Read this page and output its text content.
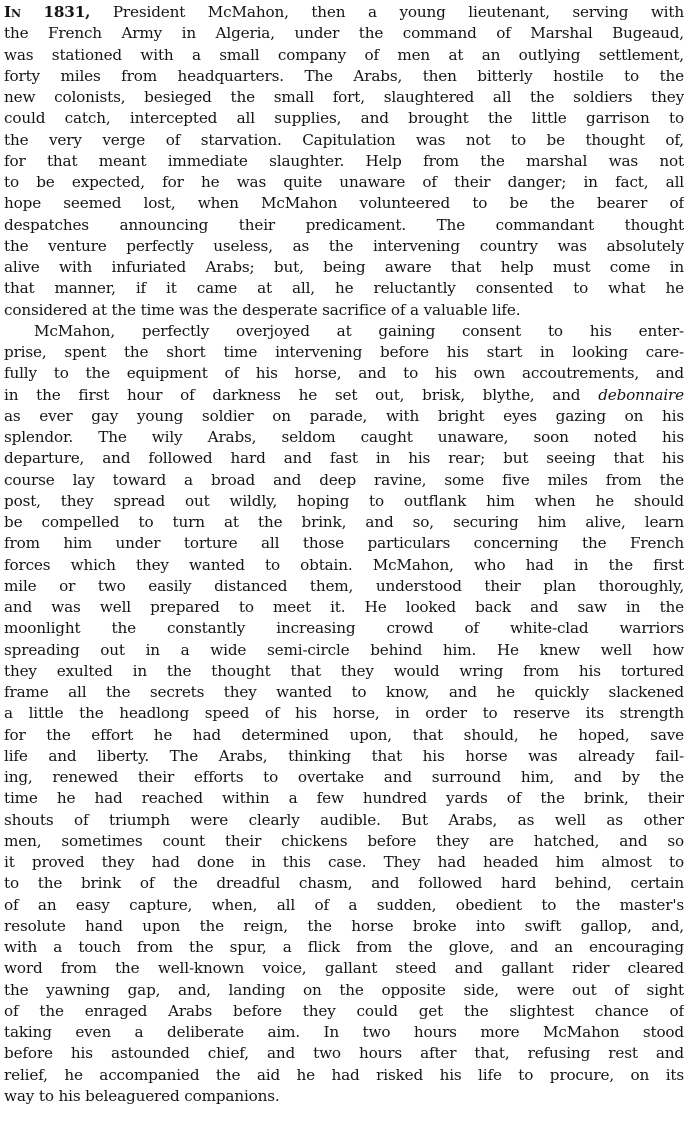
In 1831, President McMahon, then a young lieutenant, serving with
the French Army in Algeria, under the command of Marshal Bugeaud,
was stationed with a small company of men at an outlying settlement,
forty miles from headquarters. The Arabs, then bitterly hostile to the
new colonists, besieged the small fort, slaughtered all the soldiers they
could catch, intercepted all supplies, and brought the little garrison to
the very verge of starvation. Capitulation was not to be thought of,
for that meant immediate slaughter. Help from the marshal was not
to be expected, for he was quite unaware of their danger; in fact, all
hope seemed lost, when McMahon volunteered to be the bearer of
despatches announcing their predicament. The commandant thought
the venture perfectly useless, as the intervening country was absolutely
alive with infuriated Arabs; but, being aware that help must come in
that manner, if it came at all, he reluctantly consented to what he
considered at the time was the desperate sacrifice of a valuable life.
McMahon, perfectly overjoyed at gaining consent to his enter-
prise, spent the short time intervening before his start in looking care-
fully to the equipment of his horse, and to his own accoutrements, and
in the first hour of darkness he set out, brisk, blythe, and debonnaire
as ever gay young soldier on parade, with bright eyes gazing on his
splendor. The wily Arabs, seldom caught unaware, soon noted his
departure, and followed hard and fast in his rear; but seeing that his
course lay toward a broad and deep ravine, some five miles from the
post, they spread out wildly, hoping to outflank him when he should
be compelled to turn at the brink, and so, securing him alive, learn
from him under torture all those particulars concerning the French
forces which they wanted to obtain. McMahon, who had in the first
mile or two easily distanced them, understood their plan thoroughly,
and was well prepared to meet it. He looked back and saw in the
moonlight the constantly increasing crowd of white-clad warriors
spreading out in a wide semi-circle behind him. He knew well how
they exulted in the thought that they would wring from his tortured
frame all the secrets they wanted to know, and he quickly slackened
a little the headlong speed of his horse, in order to reserve its strength
for the effort he had determined upon, that should, he hoped, save
life and liberty. The Arabs, thinking that his horse was already fail-
ing, renewed their efforts to overtake and surround him, and by the
time he had reached within a few hundred yards of the brink, their
shouts of triumph were clearly audible. But Arabs, as well as other
men, sometimes count their chickens before they are hatched, and so
it proved they had done in this case. They had headed him almost to
to the brink of the dreadful chasm, and followed hard behind, certain
of an easy capture, when, all of a sudden, obedient to the master's
resolute hand upon the reign, the horse broke into swift gallop, and,
with a touch from the spur, a flick from the glove, and an encouraging
word from the well-known voice, gallant steed and gallant rider cleared
the yawning gap, and, landing on the opposite side, were out of sight
of the enraged Arabs before they could get the slightest chance of
taking even a deliberate aim. In two hours more McMahon stood
before his astounded chief, and two hours after that, refusing rest and
relief, he accompanied the aid he had risked his life to procure, on its
way to his beleaguered companions.
